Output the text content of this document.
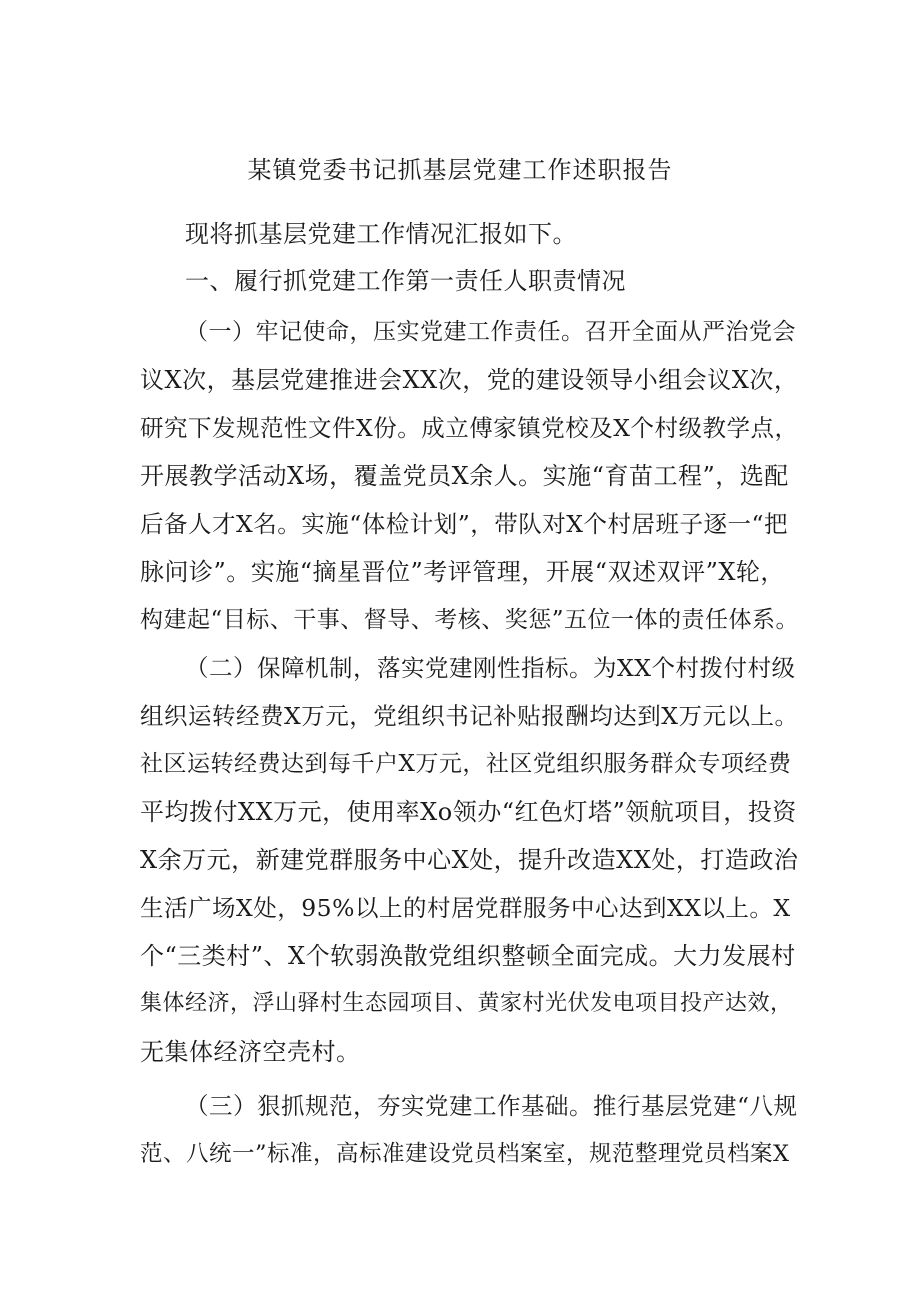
某镇党委书记抓基层党建工作述职报告
现将抓基层党建工作情况汇报如下。
一、履行抓党建工作第一责任人职责情况
（一）牢记使命，压实党建工作责任。召开全面从严治党会
议X次，基层党建推进会XX次，党的建设领导小组会议X次，
研究下发规范性文件X份。成立傅家镇党校及X个村级教学点，
开展教学活动X场，覆盖党员X余人。实施“育苗工程”，选配
后备人才X名。实施“体检计划”，带队对X个村居班子逐一“把
脉问诊”。实施“摘星晋位”考评管理，开展“双述双评”X轮，
构建起“目标、干事、督导、考核、奖惩”五位一体的责任体系。
（二）保障机制，落实党建刚性指标。为XX个村拨付村级
组织运转经费X万元，党组织书记补贴报酬均达到X万元以上。
社区运转经费达到每千户X万元，社区党组织服务群众专项经费
平均拨付XX万元，使用率Xo领办“红色灯塔”领航项目，投资
X余万元，新建党群服务中心X处，提升改造XX处，打造政治
生活广场X处，95%以上的村居党群服务中心达到XX以上。X
个“三类村”、X个软弱涣散党组织整顿全面完成。大力发展村
集体经济，浮山驿村生态园项目、黄家村光伏发电项目投产达效，
无集体经济空壳村。
（三）狠抓规范，夯实党建工作基础。推行基层党建“八规
范、八统一”标准，高标准建设党员档案室，规范整理党员档案X
